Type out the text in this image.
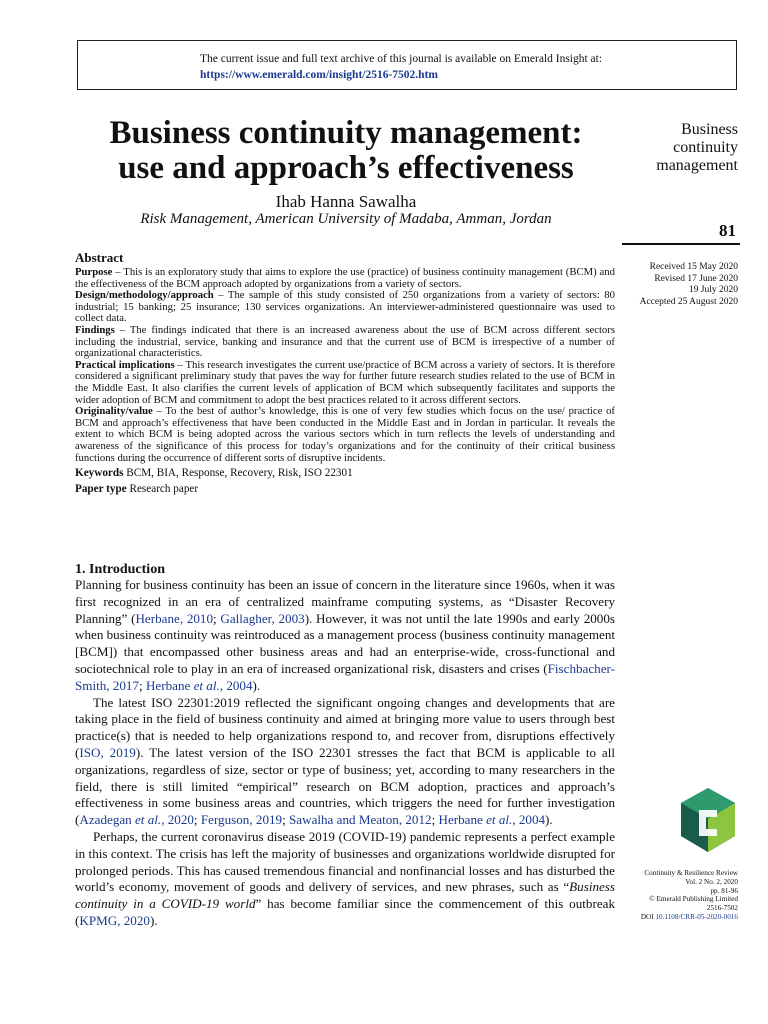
The current issue and full text archive of this journal is available on Emerald Insight at:
https://www.emerald.com/insight/2516-7502.htm
Business continuity management:
use and approach’s effectiveness
Ihab Hanna Sawalha
Risk Management, American University of Madaba, Amman, Jordan
Business
continuity
management
81
Received 15 May 2020
Revised 17 June 2020
19 July 2020
Accepted 25 August 2020
Abstract

Purpose – This is an exploratory study that aims to explore the use (practice) of business continuity management (BCM) and the effectiveness of the BCM approach adopted by organizations from a variety of sectors.

Design/methodology/approach – The sample of this study consisted of 250 organizations from a variety of sectors: 80 industrial; 15 banking; 25 insurance; 130 services organizations. An interviewer-administered questionnaire was used to collect data.

Findings – The findings indicated that there is an increased awareness about the use of BCM across different sectors including the industrial, service, banking and insurance and that the current use of BCM is irrespective of a number of organizational characteristics.

Practical implications – This research investigates the current use/practice of BCM across a variety of sectors. It is therefore considered a significant preliminary study that paves the way for further future research studies related to the use of BCM in the Middle East. It also clarifies the current levels of application of BCM which subsequently facilitates and supports the wider adoption of BCM and commitment to adopt the best practices related to it across different sectors.

Originality/value – To the best of author’s knowledge, this is one of very few studies which focus on the use/ practice of BCM and approach’s effectiveness that have been conducted in the Middle East and in Jordan in particular. It reveals the extent to which BCM is being adopted across the various sectors which in turn reflects the levels of understanding and awareness of the significance of this process for today’s organizations and for the continuity of their critical business functions during the occurrence of different sorts of disruptive incidents.

Keywords BCM, BIA, Response, Recovery, Risk, ISO 22301

Paper type Research paper

1. Introduction

Planning for business continuity has been an issue of concern in the literature since 1960s, when it was first recognized in an era of centralized mainframe computing systems, as “Disaster Recovery Planning” (Herbane, 2010; Gallagher, 2003). However, it was not until the late 1990s and early 2000s when business continuity was reintroduced as a management process (business continuity management [BCM]) that encompassed other business areas and had an enterprise-wide, cross-functional and sociotechnical role to play in an era of increased organizational risk, disasters and crises (Fischbacher-Smith, 2017; Herbane et al., 2004).

The latest ISO 22301:2019 reflected the significant ongoing changes and developments that are taking place in the field of business continuity and aimed at bringing more value to users through best practice(s) that is needed to help organizations respond to, and recover from, disruptions effectively (ISO, 2019). The latest version of the ISO 22301 stresses the fact that BCM is applicable to all organizations, regardless of size, sector or type of business; yet, according to many researchers in the field, there is still limited “empirical” research on BCM adoption, practices and approach’s effectiveness in some business areas and countries, which triggers the need for further investigation (Azadegan et al., 2020; Ferguson, 2019; Sawalha and Meaton, 2012; Herbane et al., 2004).

Perhaps, the current coronavirus disease 2019 (COVID-19) pandemic represents a perfect example in this context. The crisis has left the majority of businesses and organizations worldwide disrupted for prolonged periods. This has caused tremendous financial and nonfinancial losses and has disturbed the world’s economy, movement of goods and delivery of services, and new phrases, such as “Business continuity in a COVID-19 world” has become familiar since the commencement of this outbreak (KPMG, 2020).

Continuity & Resilience Review
Vol. 2 No. 2, 2020
pp. 81-96
© Emerald Publishing Limited
2516-7502
DOI 10.1108/CRR-05-2020-0016
